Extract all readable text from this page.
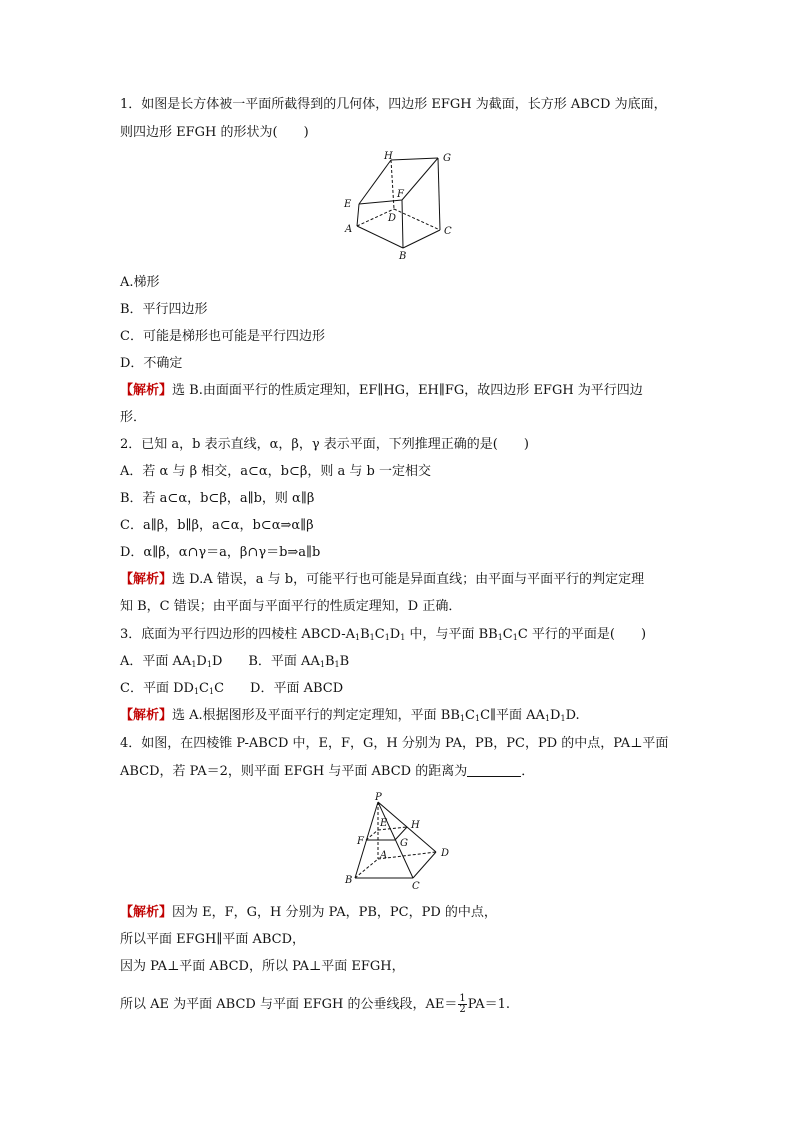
1．如图是长方体被一平面所截得到的几何体，四边形 EFGH 为截面，长方形 ABCD 为底面，
则四边形 EFGH 的形状为(　　)
H	G
F
E
D
A	C
B
A.梯形
B．平行四边形
C．可能是梯形也可能是平行四边形
D．不确定
【解析】选 B.由面面平行的性质定理知，EF∥HG，EH∥FG，故四边形 EFGH 为平行四边
形．
2．已知 a，b 表示直线，α，β，γ 表示平面，下列推理正确的是(　　)
A．若 α 与 β 相交，a⊂α，b⊂β，则 a 与 b 一定相交
B．若 a⊂α，b⊂β，a∥b，则 α∥β
C．a∥β，b∥β，a⊂α，b⊂α⇒α∥β
D．α∥β，α∩γ＝a，β∩γ＝b⇒a∥b
【解析】选 D.A 错误，a 与 b，可能平行也可能是异面直线；由平面与平面平行的判定定理
知 B，C 错误；由平面与平面平行的性质定理知，D 正确．
3．底面为平行四边形的四棱柱 ABCD-$A_1B_1C_1D_1$ 中，与平面 $BB_1C_1C$ 平行的平面是(　　)
A．平面 $AA_1D_1D$ B．平面 $AA_1B_1B$
C．平面 $DD_1C_1C$ D．平面 ABCD
【解析】选 A.根据图形及平面平行的判定定理知，平面 $BB_1C_1C\parallel$平面 $AA_1D_1D$.
4．如图，在四棱锥 P-ABCD 中，E，F，G，H 分别为 PA，PB，PC，PD 的中点，PA⊥平面
ABCD，若 PA＝2，则平面 EFGH 与平面 ABCD 的距离为	．
P
E H
F	G
A	D
B
C
【解析】因为 E，F，G，H 分别为 PA，PB，PC，PD 的中点，
所以平面 EFGH∥平面 ABCD，
因为 PA⊥平面 ABCD，所以 PA⊥平面 EFGH，
所以 AE 为平面 ABCD 与平面 EFGH 的公垂线段，$AE= \frac{1}{2} PA=1$.
